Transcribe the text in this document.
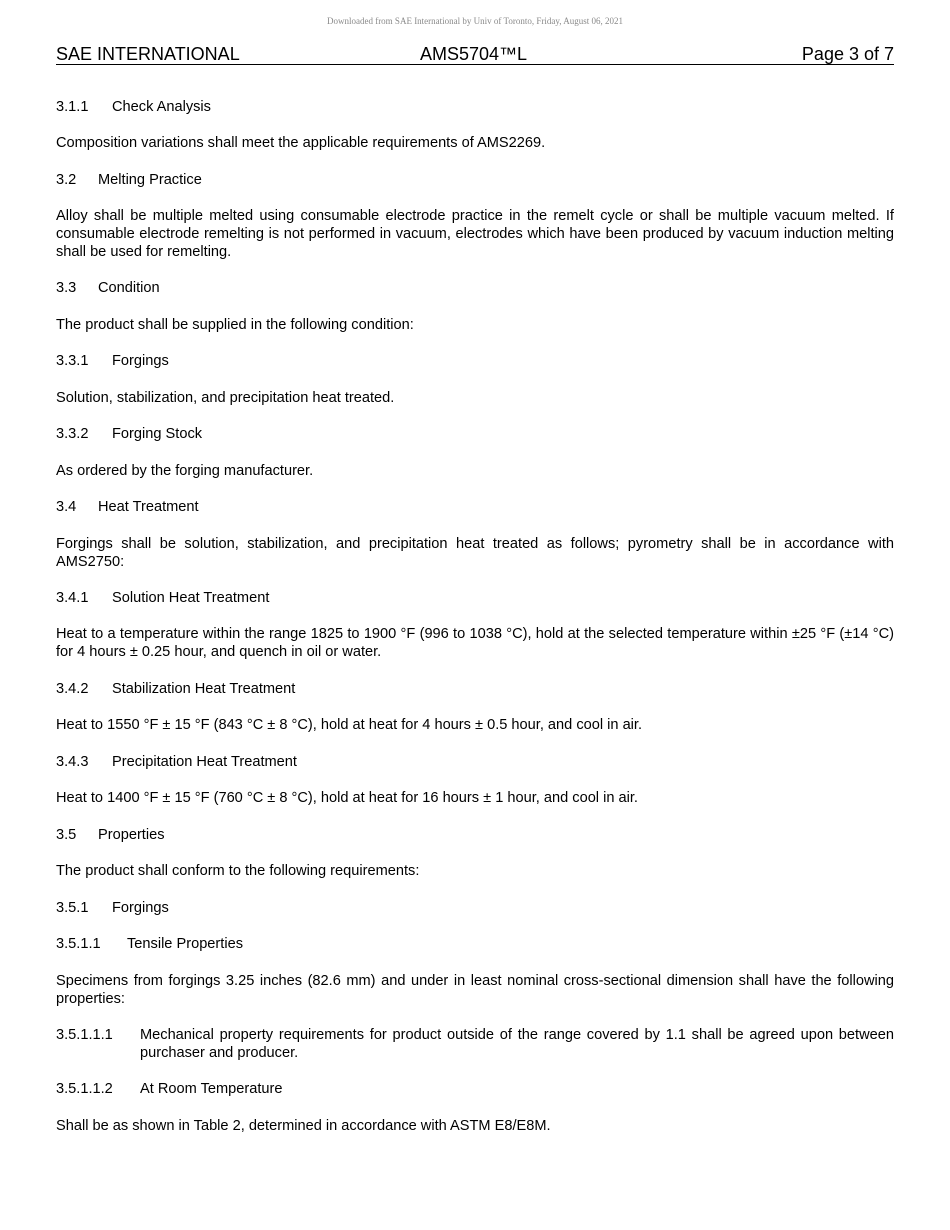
Downloaded from SAE International by Univ of Toronto, Friday, August 06, 2021
SAE INTERNATIONAL	AMS5704™L	Page 3 of 7
3.1.1 Check Analysis

Composition variations shall meet the applicable requirements of AMS2269.

3.2 Melting Practice

Alloy shall be multiple melted using consumable electrode practice in the remelt cycle or shall be multiple vacuum melted. If consumable electrode remelting is not performed in vacuum, electrodes which have been produced by vacuum induction melting shall be used for remelting.

3.3 Condition

The product shall be supplied in the following condition:

3.3.1 Forgings

Solution, stabilization, and precipitation heat treated.

3.3.2 Forging Stock

As ordered by the forging manufacturer.

3.4 Heat Treatment

Forgings shall be solution, stabilization, and precipitation heat treated as follows; pyrometry shall be in accordance with AMS2750:

3.4.1 Solution Heat Treatment

Heat to a temperature within the range 1825 to 1900 °F (996 to 1038 °C), hold at the selected temperature within ±25 °F (±14 °C) for 4 hours ± 0.25 hour, and quench in oil or water.

3.4.2 Stabilization Heat Treatment

Heat to 1550 °F ± 15 °F (843 °C ± 8 °C), hold at heat for 4 hours ± 0.5 hour, and cool in air.

3.4.3 Precipitation Heat Treatment

Heat to 1400 °F ± 15 °F (760 °C ± 8 °C), hold at heat for 16 hours ± 1 hour, and cool in air.

3.5 Properties

The product shall conform to the following requirements:

3.5.1 Forgings
3.5.1.1 Tensile Properties

Specimens from forgings 3.25 inches (82.6 mm) and under in least nominal cross-sectional dimension shall have the following properties:

3.5.1.1.1 Mechanical property requirements for product outside of the range covered by 1.1 shall be agreed upon between purchaser and producer.
3.5.1.1.2 At Room Temperature

Shall be as shown in Table 2, determined in accordance with ASTM E8/E8M.
